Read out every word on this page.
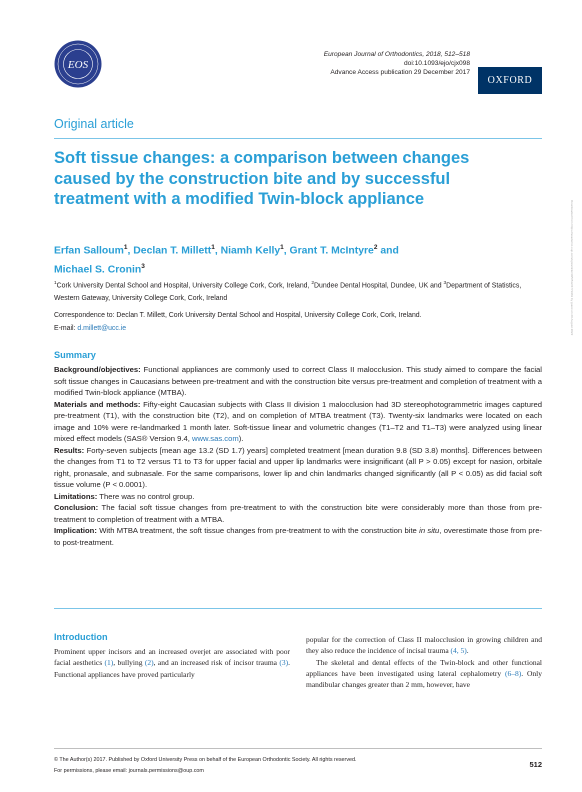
EOS
European Journal of Orthodontics, 2018, 512–518
doi:10.1093/ejo/cjx098
Advance Access publication 29 December 2017
OXFORD
Downloaded from https://academic.oup.com/ejo/article/40/5/512/4773963 by guest on 20 August 2022
Original article
Soft tissue changes: a comparison between changes caused by the construction bite and by successful treatment with a modified Twin-block appliance
Erfan Salloum$^1$, Declan T. Millett$^1$, Niamh Kelly$^1$, Grant T. McIntyre$^2$ and
Michael S. Cronin$^3$
$^1$Cork University Dental School and Hospital, University College Cork, Cork, Ireland, $^2$Dundee Dental Hospital, Dundee, UK and $^3$Department of Statistics, Western Gateway, University College Cork, Cork, Ireland
Correspondence to: Declan T. Millett, Cork University Dental School and Hospital, University College Cork, Cork, Ireland.
E-mail: d.millett@ucc.ie
Summary

Background/objectives: Functional appliances are commonly used to correct Class II malocclusion. This study aimed to compare the facial soft tissue changes in Caucasians between pre-treatment and with the construction bite versus pre-treatment and completion of treatment with a modified Twin-block appliance (MTBA).

Materials and methods: Fifty-eight Caucasian subjects with Class II division 1 malocclusion had 3D stereophotogrammetric images captured pre-treatment (T1), with the construction bite (T2), and on completion of MTBA treatment (T3). Twenty-six landmarks were located on each image and 10% were re-landmarked 1 month later. Soft-tissue linear and volumetric changes (T1–T2 and T1–T3) were analyzed using linear mixed effect models (SAS® Version 9.4, www.sas.com).

Results: Forty-seven subjects [mean age 13.2 (SD 1.7) years] completed treatment [mean duration 9.8 (SD 3.8) months]. Differences between the changes from T1 to T2 versus T1 to T3 for upper facial and upper lip landmarks were insignificant (all P > 0.05) except for nasion, orbitale right, pronasale, and subnasale. For the same comparisons, lower lip and chin landmarks changed significantly (all P < 0.05) as did facial soft tissue volume (P < 0.0001).

Limitations: There was no control group.

Conclusion: The facial soft tissue changes from pre-treatment to with the construction bite were considerably more than those from pre-treatment to completion of treatment with a MTBA.

Implication: With MTBA treatment, the soft tissue changes from pre-treatment to with the construction bite in situ, overestimate those from pre- to post-treatment.

Introduction

Prominent upper incisors and an increased overjet are associated with poor facial aesthetics (1), bullying (2), and an increased risk of incisor trauma (3). Functional appliances have proved particularly

popular for the correction of Class II malocclusion in growing children and they also reduce the incidence of incisal trauma (4, 5).

The skeletal and dental effects of the Twin-block and other functional appliances have been investigated using lateral cephalometry (6–8). Only mandibular changes greater than 2 mm, however, have

© The Author(s) 2017. Published by Oxford University Press on behalf of the European Orthodontic Society. All rights reserved.
For permissions, please email: journals.permissions@oup.com
512
